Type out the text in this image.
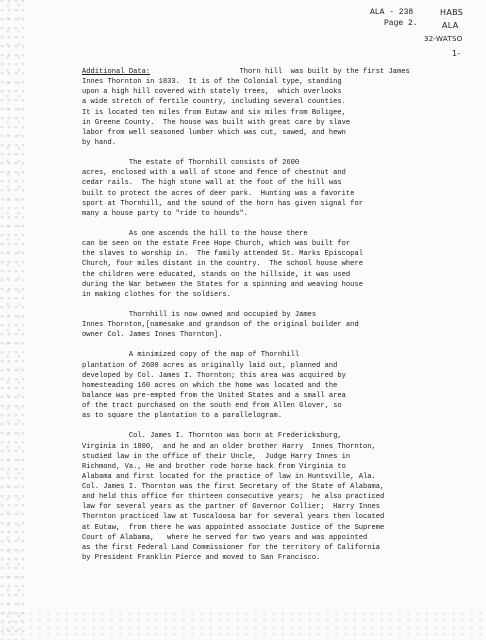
ALA - 238
Page 2.
HABS
ALA
32-WATSO
1-
Additional Data:                     Thorn hill  was built by the first James
Innes Thornton in 1833.  It is of the Colonial type, standing
upon a high hill covered with stately trees,  which overlooks
a wide stretch of fertile country, including several counties.
It is located ten miles from Eutaw and six miles from Boligee,
in Greene County.  The house was built with great care by slave
labor from well seasoned lumber which was cut, sawed, and hewn
by hand.
The estate of Thornhill consists of 2600
acres, enclosed with a wall of stone and fence of chestnut and
cedar rails.  The high stone wall at the foot of the hill was
built to protect the acres of deer park.  Hunting was a favorite
sport at Thornhill, and the sound of the horn has given signal for
many a house party to "ride to hounds".
As one ascends the hill to the house there
can be seen on the estate Free Hope Church, which was built for
the slaves to worship in.  The family attended St. Marks Episcopal
Church, four miles distant in the country.  The school house where
the children were educated, stands on the hillside, it was used
during the War between the States for a spinning and weaving house
in making clothes for the soldiers.
Thornhill is now owned and occupied by James
Innes Thornton,[namesake and grandson of the original builder and
owner Col. James Innes Thornton].
A minimized copy of the map of Thornhill
plantation of 2600 acres as originally laid out, planned and
developed by Col. James I. Thornton; this area was acquired by
homesteading 160 acres on which the home was located and the
balance was pre-empted from the United States and a small area
of the tract purchased on the south end from Allen Glover, so
as to square the plantation to a parallelogram.
Col. James I. Thornton was born at Fredericksburg,
Virginia in 1800,  and he and an older brother Harry  Innes Thornton,
studied law in the office of their Uncle,  Judge Harry Innes in
Richmond, Va., He and brother rode horse back from Virginia to
Alabama and first located for the practice of law in Huntsville, Ala.
Col. James I. Thornton was the first Secretary of the State of Alabama,
and held this office for thirteen consecutive years;  he also practiced
law for several years as the partner of Governor Collier;  Harry Innes
Thornton practiced law at Tuscaloosa bar for several years then located
at Eutaw,  from there he was appointed associate Justice of the Supreme
Court of Alabama,   where he served for two years and was appointed
as the first Federal Land Commissioner for the territory of California
by President Franklin Pierce and moved to San Francisco.
